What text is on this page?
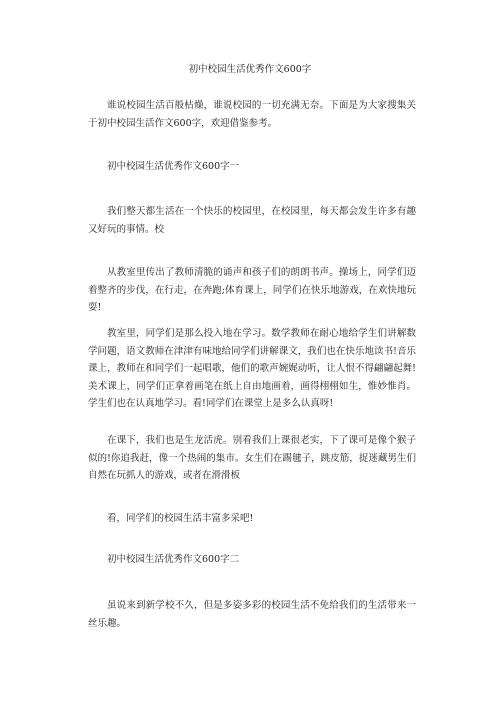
初中校园生活优秀作文600字

谁说校园生活百般枯燥，谁说校园的一切充满无奈。下面是为大家搜集关于初中校园生活作文600字，欢迎借鉴参考。

初中校园生活优秀作文600字一

我们整天都生活在一个快乐的校园里，在校园里，每天都会发生许多有趣又好玩的事情。校

从教室里传出了教师清脆的诵声和孩子们的朗朗书声。操场上，同学们迈着整齐的步伐，在行走，在奔跑;体育课上，同学们在快乐地游戏，在欢快地玩耍!

教室里，同学们是那么投入地在学习。数学教师在耐心地给学生们讲解数学问题，语文教师在津津有味地给同学们讲解课文，我们也在快乐地读书!音乐课上，教师在和同学们一起唱歌，他们的歌声婉娓动听，让人恨不得翩翩起舞!美术课上，同学们正拿着画笔在纸上自由地画着，画得栩栩如生，惟妙惟肖。学生们也在认真地学习。看!同学们在课堂上是多么认真呀!

在课下，我们也是生龙活虎。别看我们上课很老实，下了课可是像个猴子似的!你追我赶，像一个热闹的集市。女生们在踢毽子，跳皮筋，捉迷藏男生们自然在玩抓人的游戏，或者在滑滑板

看，同学们的校园生活丰富多采吧!

初中校园生活优秀作文600字二

虽说来到新学校不久，但是多姿多彩的校园生活不免给我们的生活带来一丝乐趣。
